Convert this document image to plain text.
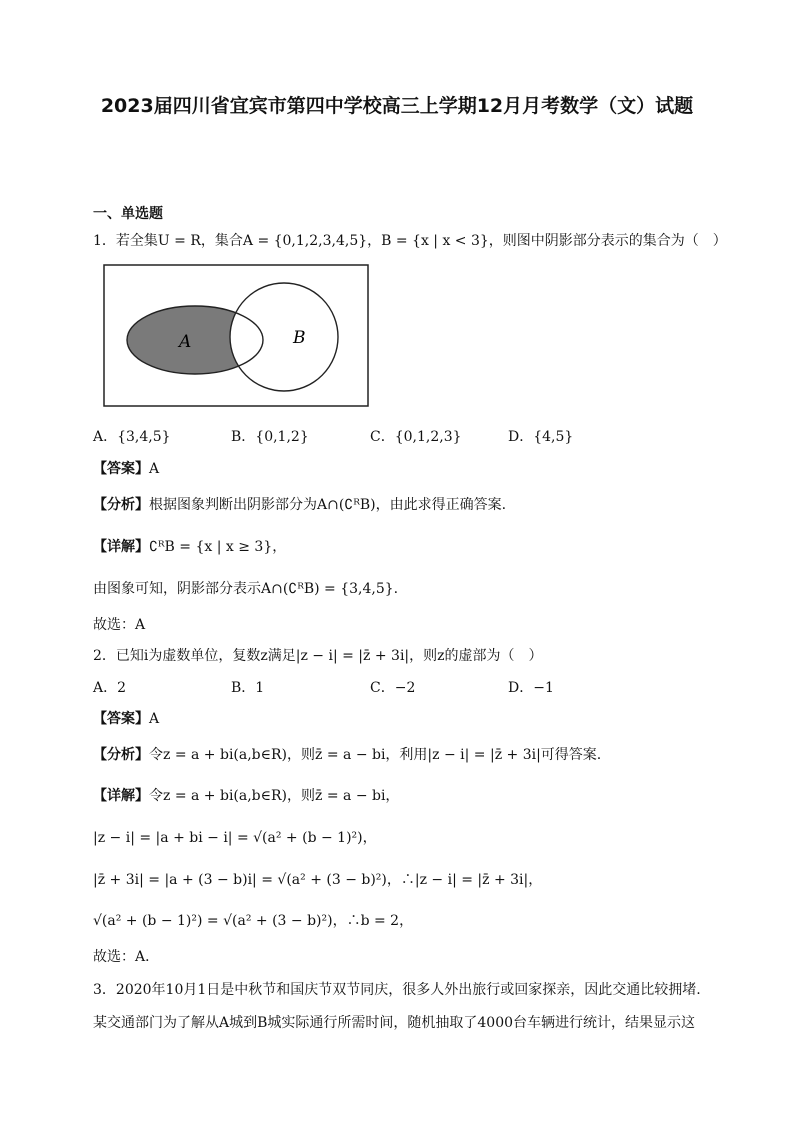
2023届四川省宜宾市第四中学校高三上学期12月月考数学（文）试题
一、单选题
1．若全集U = R，集合A = {0,1,2,3,4,5}，B = {x | x < 3}，则图中阴影部分表示的集合为（　）
A	B
A．{3,4,5}	B．{0,1,2}	C．{0,1,2,3}	D．{4,5}
【答案】A
【分析】根据图象判断出阴影部分为A∩(∁ᴿB)，由此求得正确答案.
【详解】∁ᴿB = {x | x ≥ 3}，
由图象可知，阴影部分表示A∩(∁ᴿB) = {3,4,5}.
故选：A
2．已知i为虚数单位，复数z满足|z − i| = |z̄ + 3i|，则z的虚部为（　）
A．2	B．1	C．−2	D．−1
【答案】A
【分析】令z = a + bi(a,b∈R)，则z̄ = a − bi，利用|z − i| = |z̄ + 3i|可得答案.
【详解】令z = a + bi(a,b∈R)，则z̄ = a − bi，
|z − i| = |a + bi − i| = √(a² + (b − 1)²)，
|z̄ + 3i| = |a + (3 − b)i| = √(a² + (3 − b)²)，∴|z − i| = |z̄ + 3i|，
√(a² + (b − 1)²) = √(a² + (3 − b)²)，∴b = 2，
故选：A．
3．2020年10月1日是中秋节和国庆节双节同庆，很多人外出旅行或回家探亲，因此交通比较拥堵.
某交通部门为了解从A城到B城实际通行所需时间，随机抽取了4000台车辆进行统计，结果显示这
